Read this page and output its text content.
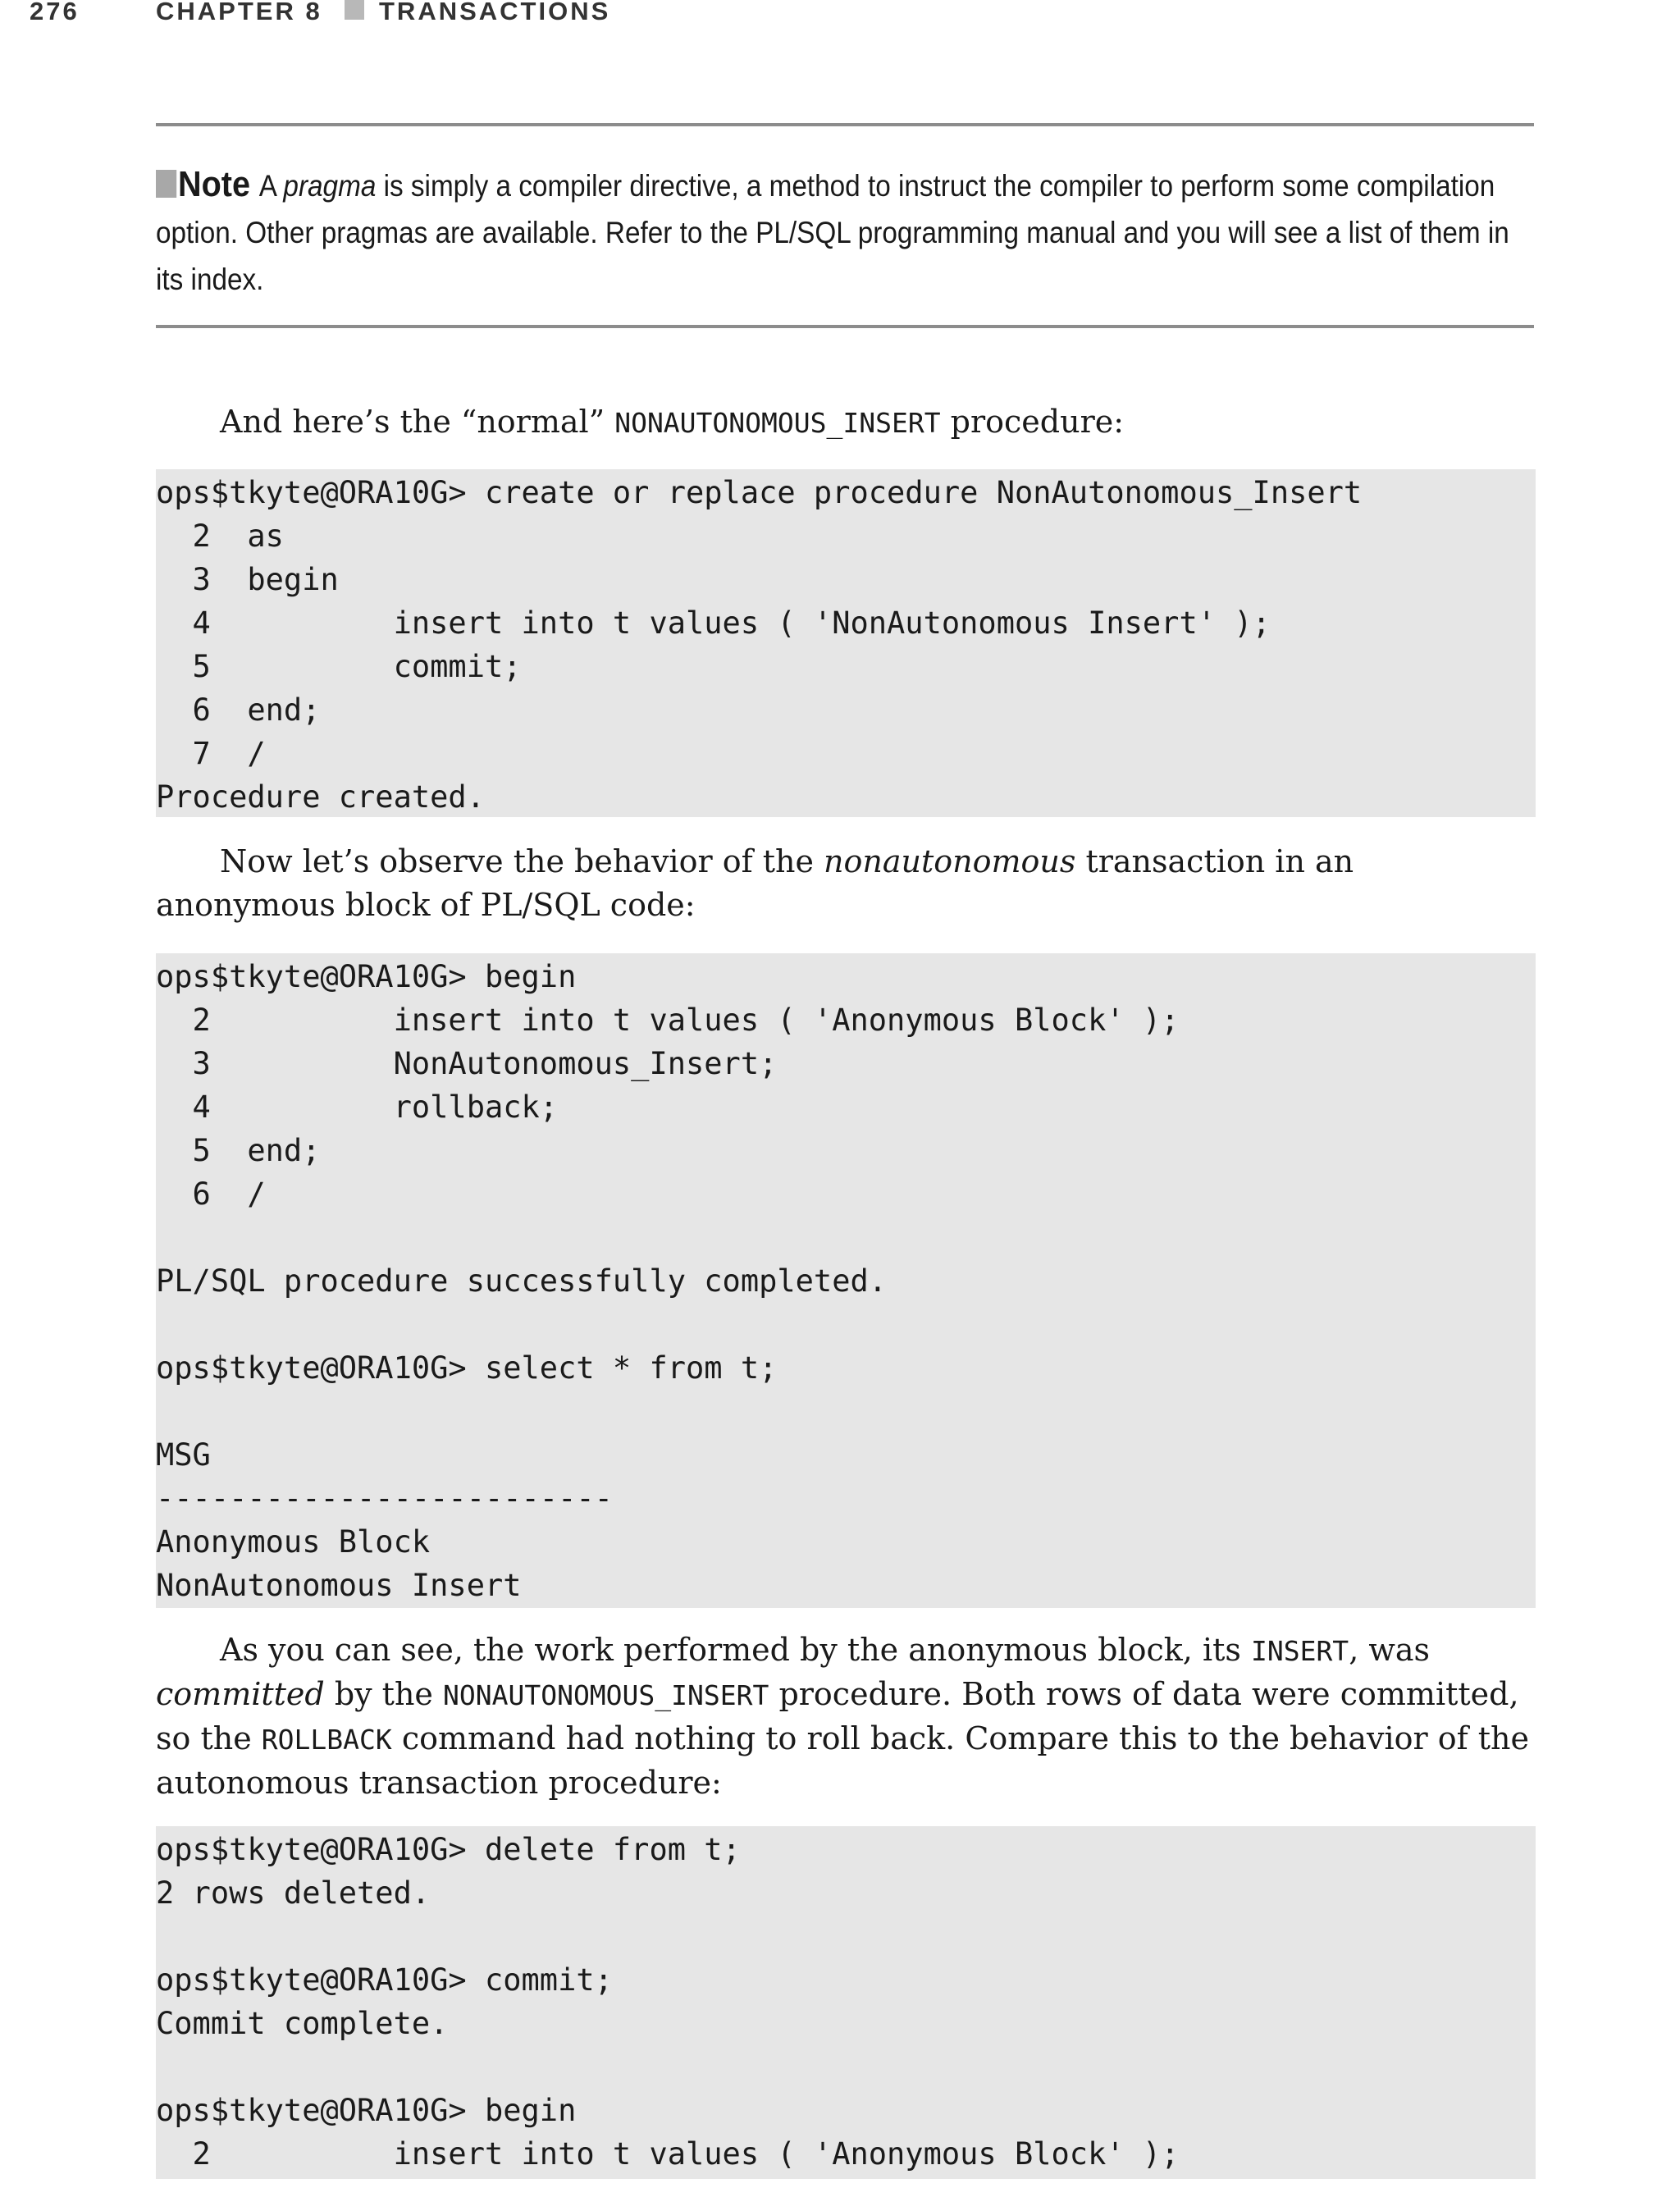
276	CHAPTER 8 TRANSACTIONS
Note A pragma is simply a compiler directive, a method to instruct the compiler to perform some compilation option. Other pragmas are available. Refer to the PL/SQL programming manual and you will see a list of them in its index.
And here’s the “normal” NONAUTONOMOUS_INSERT procedure:
ops$tkyte@ORA10G> create or replace procedure NonAutonomous_Insert
2  as
3  begin
4          insert into t values ( 'NonAutonomous Insert' );
5          commit;
6  end;
7  /
Procedure created.
Now let’s observe the behavior of the nonautonomous transaction in an anonymous block of PL/SQL code:
ops$tkyte@ORA10G> begin
2          insert into t values ( 'Anonymous Block' );
3          NonAutonomous_Insert;
4          rollback;
5  end;
6  /
PL/SQL procedure successfully completed.
ops$tkyte@ORA10G> select * from t;
MSG
-------------------------
Anonymous Block
NonAutonomous Insert
As you can see, the work performed by the anonymous block, its INSERT, was committed by the NONAUTONOMOUS_INSERT procedure. Both rows of data were committed, so the ROLLBACK command had nothing to roll back. Compare this to the behavior of the autonomous transaction procedure:
ops$tkyte@ORA10G> delete from t;
2 rows deleted.
ops$tkyte@ORA10G> commit;
Commit complete.
ops$tkyte@ORA10G> begin
2          insert into t values ( 'Anonymous Block' );
